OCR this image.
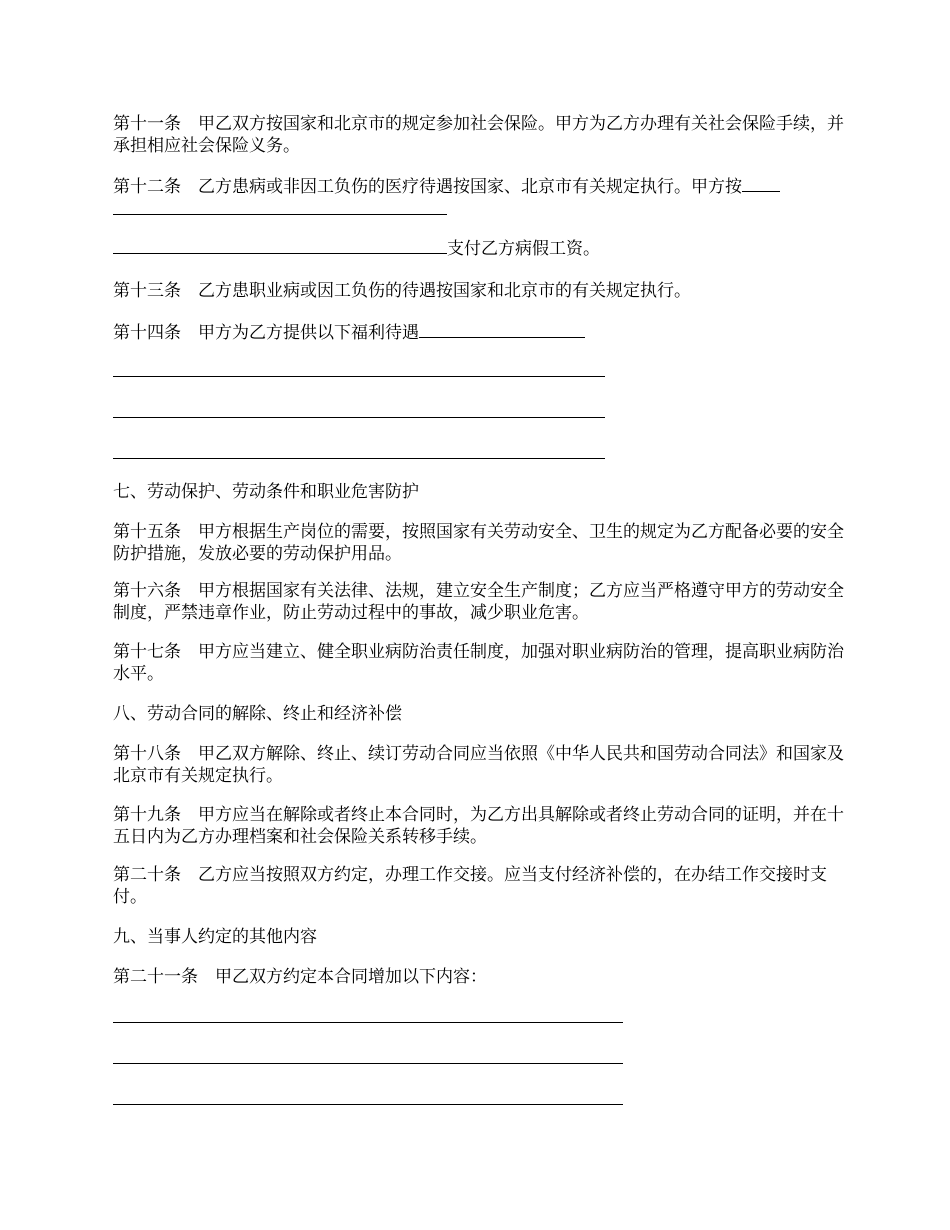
第十一条　甲乙双方按国家和北京市的规定参加社会保险。甲方为乙方办理有关社会保险手续，并承担相应社会保险义务。
第十二条　乙方患病或非因工负伤的医疗待遇按国家、北京市有关规定执行。甲方按
支付乙方病假工资。
第十三条　乙方患职业病或因工负伤的待遇按国家和北京市的有关规定执行。
第十四条　甲方为乙方提供以下福利待遇
七、劳动保护、劳动条件和职业危害防护
第十五条　甲方根据生产岗位的需要，按照国家有关劳动安全、卫生的规定为乙方配备必要的安全防护措施，发放必要的劳动保护用品。
第十六条　甲方根据国家有关法律、法规，建立安全生产制度；乙方应当严格遵守甲方的劳动安全制度，严禁违章作业，防止劳动过程中的事故，减少职业危害。
第十七条　甲方应当建立、健全职业病防治责任制度，加强对职业病防治的管理，提高职业病防治水平。
八、劳动合同的解除、终止和经济补偿
第十八条　甲乙双方解除、终止、续订劳动合同应当依照《中华人民共和国劳动合同法》和国家及北京市有关规定执行。
第十九条　甲方应当在解除或者终止本合同时，为乙方出具解除或者终止劳动合同的证明，并在十五日内为乙方办理档案和社会保险关系转移手续。
第二十条　乙方应当按照双方约定，办理工作交接。应当支付经济补偿的，在办结工作交接时支付。
九、当事人约定的其他内容
第二十一条　甲乙双方约定本合同增加以下内容：
